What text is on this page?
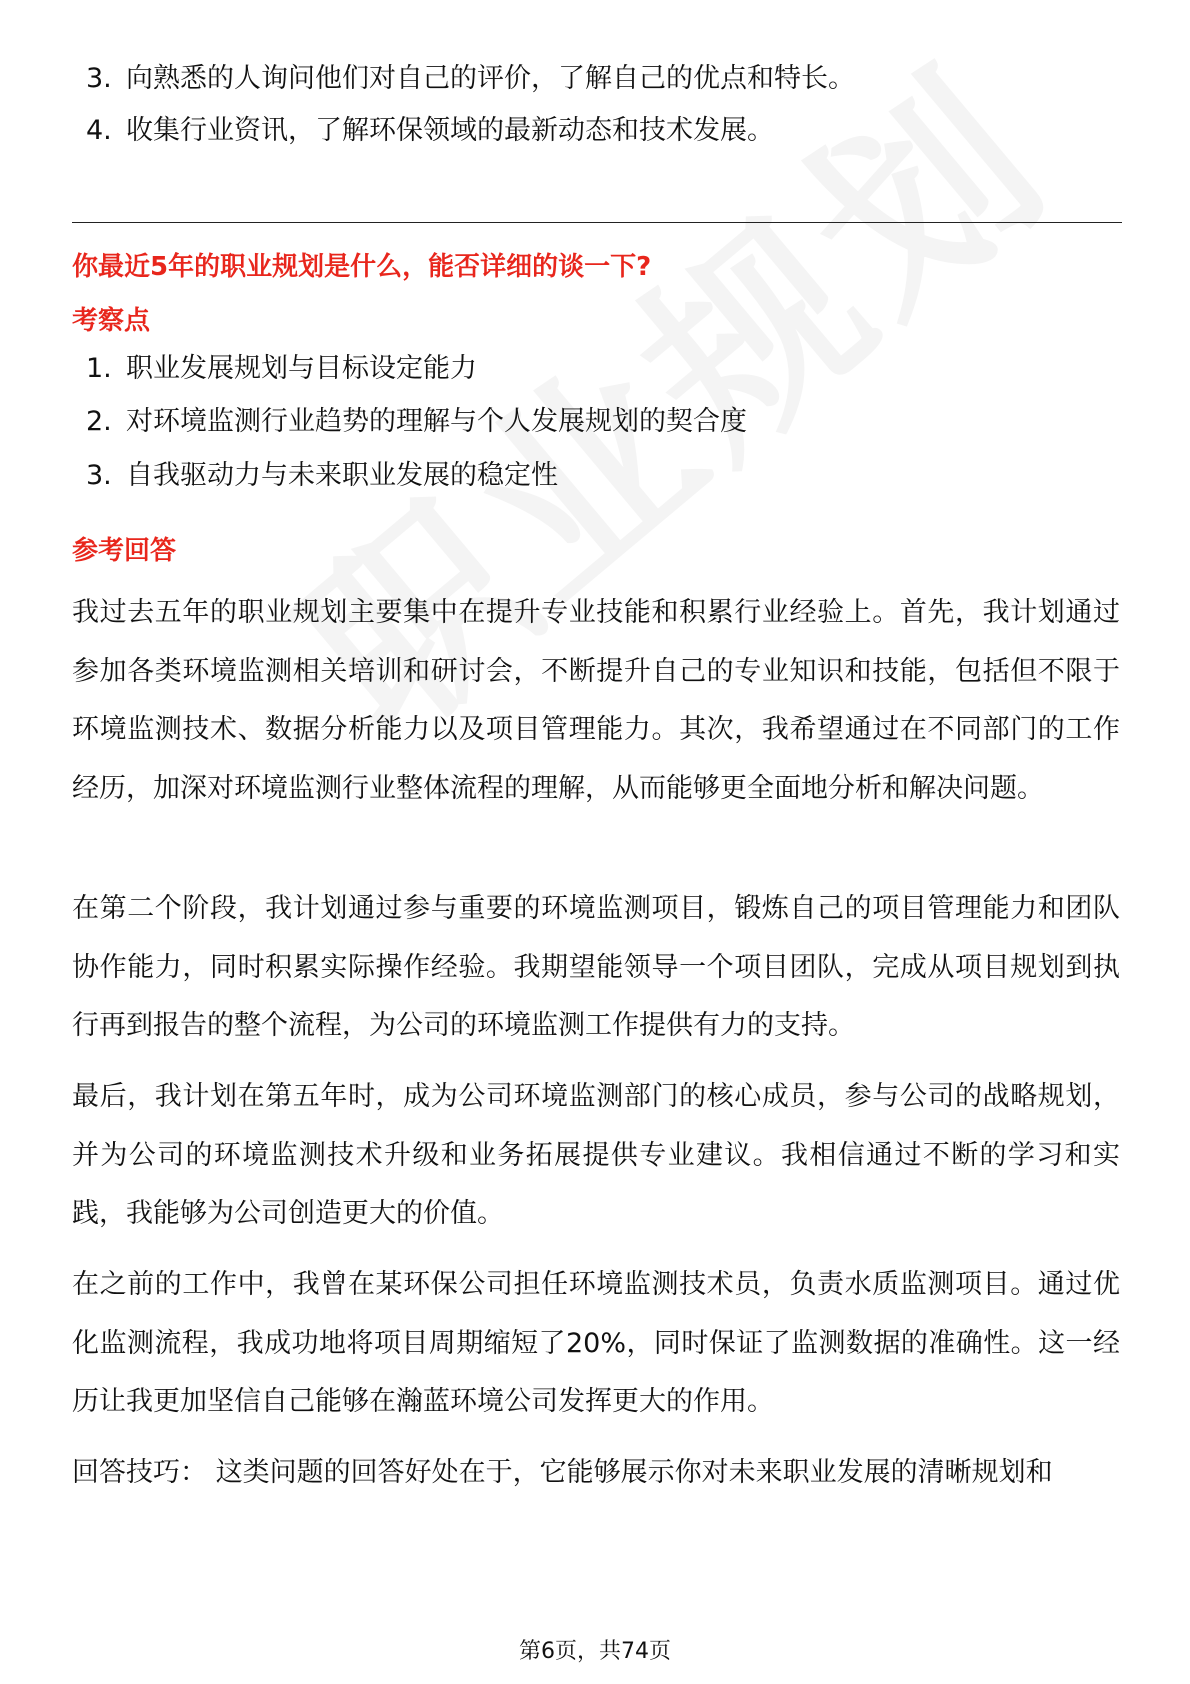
3. 向熟悉的人询问他们对自己的评价，了解自己的优点和特长。
4. 收集行业资讯，了解环保领域的最新动态和技术发展。
你最近5年的职业规划是什么，能否详细的谈一下?
考察点
1. 职业发展规划与目标设定能力
2. 对环境监测行业趋势的理解与个人发展规划的契合度
3. 自我驱动力与未来职业发展的稳定性
参考回答

我过去五年的职业规划主要集中在提升专业技能和积累行业经验上。首先，我计划通过参加各类环境监测相关培训和研讨会，不断提升自己的专业知识和技能，包括但不限于环境监测技术、数据分析能力以及项目管理能力。其次，我希望通过在不同部门的工作经历，加深对环境监测行业整体流程的理解，从而能够更全面地分析和解决问题。

在第二个阶段，我计划通过参与重要的环境监测项目，锻炼自己的项目管理能力和团队协作能力，同时积累实际操作经验。我期望能领导一个项目团队，完成从项目规划到执行再到报告的整个流程，为公司的环境监测工作提供有力的支持。

最后，我计划在第五年时，成为公司环境监测部门的核心成员，参与公司的战略规划，并为公司的环境监测技术升级和业务拓展提供专业建议。我相信通过不断的学习和实践，我能够为公司创造更大的价值。

在之前的工作中，我曾在某环保公司担任环境监测技术员，负责水质监测项目。通过优化监测流程，我成功地将项目周期缩短了20%，同时保证了监测数据的准确性。这一经历让我更加坚信自己能够在瀚蓝环境公司发挥更大的作用。

回答技巧： 这类问题的回答好处在于，它能够展示你对未来职业发展的清晰规划和

第6页，共74页
